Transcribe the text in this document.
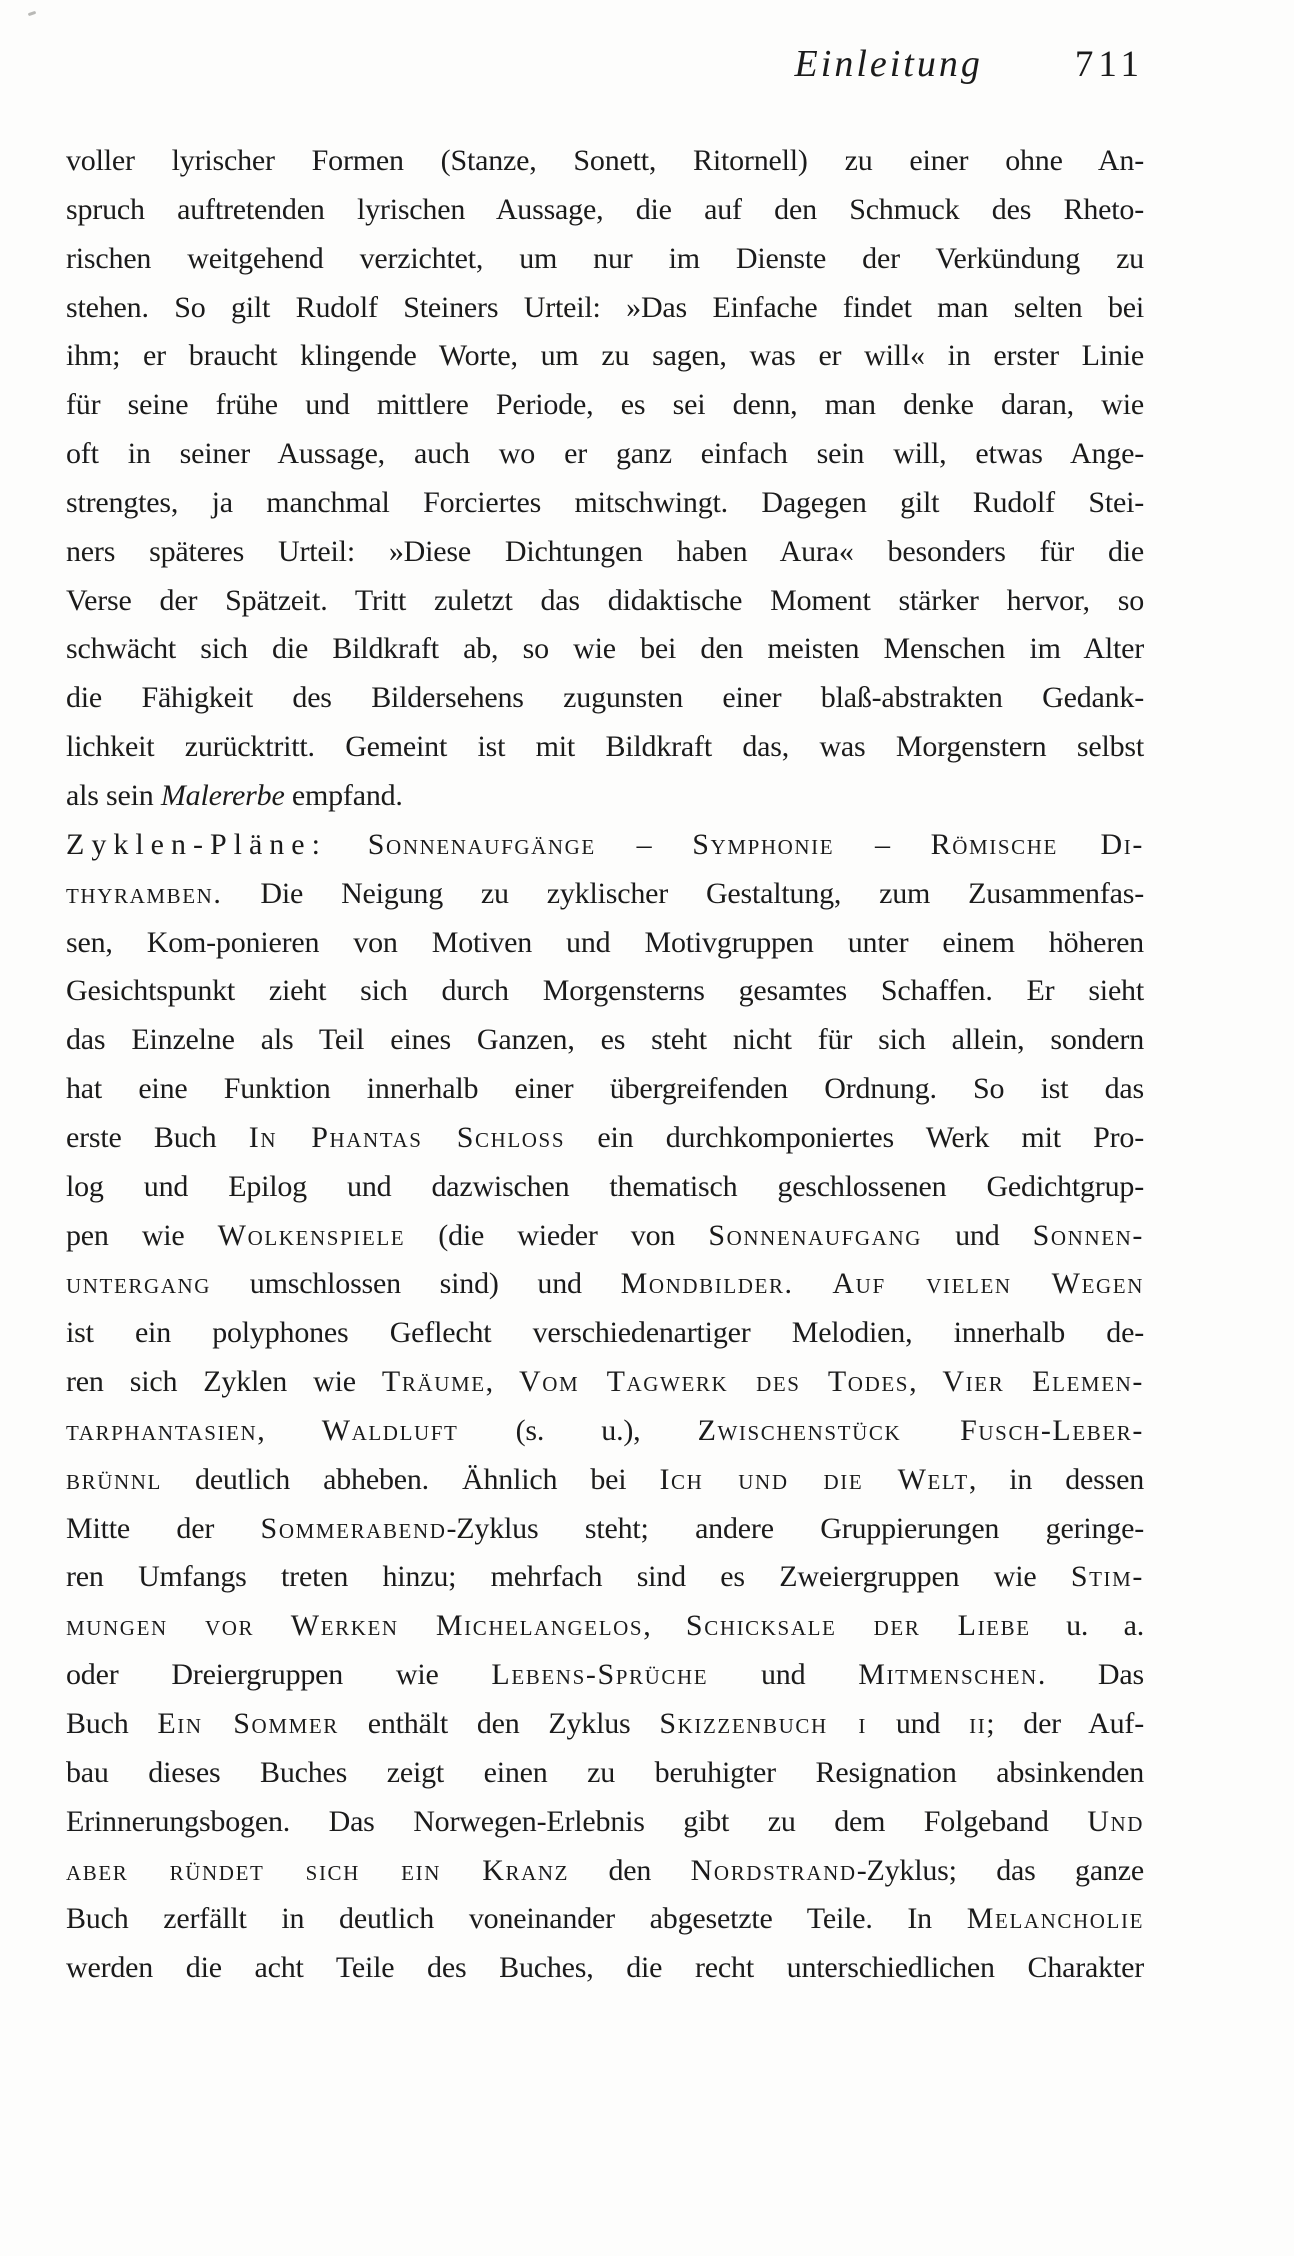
Einleitung 711
voller lyrischer Formen (Stanze, Sonett, Ritornell) zu einer ohne An-
spruch auftretenden lyrischen Aussage, die auf den Schmuck des Rheto-
rischen weitgehend verzichtet, um nur im Dienste der Verkündung zu
stehen. So gilt Rudolf Steiners Urteil: »Das Einfache findet man selten bei
ihm; er braucht klingende Worte, um zu sagen, was er will« in erster Linie
für seine frühe und mittlere Periode, es sei denn, man denke daran, wie
oft in seiner Aussage, auch wo er ganz einfach sein will, etwas Ange-
strengtes, ja manchmal Forciertes mitschwingt. Dagegen gilt Rudolf Stei-
ners späteres Urteil: »Diese Dichtungen haben Aura« besonders für die
Verse der Spätzeit. Tritt zuletzt das didaktische Moment stärker hervor, so
schwächt sich die Bildkraft ab, so wie bei den meisten Menschen im Alter
die Fähigkeit des Bildersehens zugunsten einer blaß-abstrakten Gedank-
lichkeit zurücktritt. Gemeint ist mit Bildkraft das, was Morgenstern selbst
als sein Malererbe empfand.
Zyklen-Pläne: Sonnenaufgänge – Symphonie – Römische Di-
thyramben. Die Neigung zu zyklischer Gestaltung, zum Zusammenfas-
sen, Kom-ponieren von Motiven und Motivgruppen unter einem höheren
Gesichtspunkt zieht sich durch Morgensterns gesamtes Schaffen. Er sieht
das Einzelne als Teil eines Ganzen, es steht nicht für sich allein, sondern
hat eine Funktion innerhalb einer übergreifenden Ordnung. So ist das
erste Buch In Phantas Schloss ein durchkomponiertes Werk mit Pro-
log und Epilog und dazwischen thematisch geschlossenen Gedichtgrup-
pen wie Wolkenspiele (die wieder von Sonnenaufgang und Sonnen-
untergang umschlossen sind) und Mondbilder. Auf vielen Wegen
ist ein polyphones Geflecht verschiedenartiger Melodien, innerhalb de-
ren sich Zyklen wie Träume, Vom Tagwerk des Todes, Vier Elemen-
tarphantasien, Waldluft (s. u.), Zwischenstück Fusch-Leber-
brünnl deutlich abheben. Ähnlich bei Ich und die Welt, in dessen
Mitte der Sommerabend-Zyklus steht; andere Gruppierungen geringe-
ren Umfangs treten hinzu; mehrfach sind es Zweiergruppen wie Stim-
mungen vor Werken Michelangelos, Schicksale der Liebe u. a.
oder Dreiergruppen wie Lebens-Sprüche und Mitmenschen. Das
Buch Ein Sommer enthält den Zyklus Skizzenbuch i und ii; der Auf-
bau dieses Buches zeigt einen zu beruhigter Resignation absinkenden
Erinnerungsbogen. Das Norwegen-Erlebnis gibt zu dem Folgeband Und
aber ründet sich ein Kranz den Nordstrand-Zyklus; das ganze
Buch zerfällt in deutlich voneinander abgesetzte Teile. In Melancholie
werden die acht Teile des Buches, die recht unterschiedlichen Charakter
